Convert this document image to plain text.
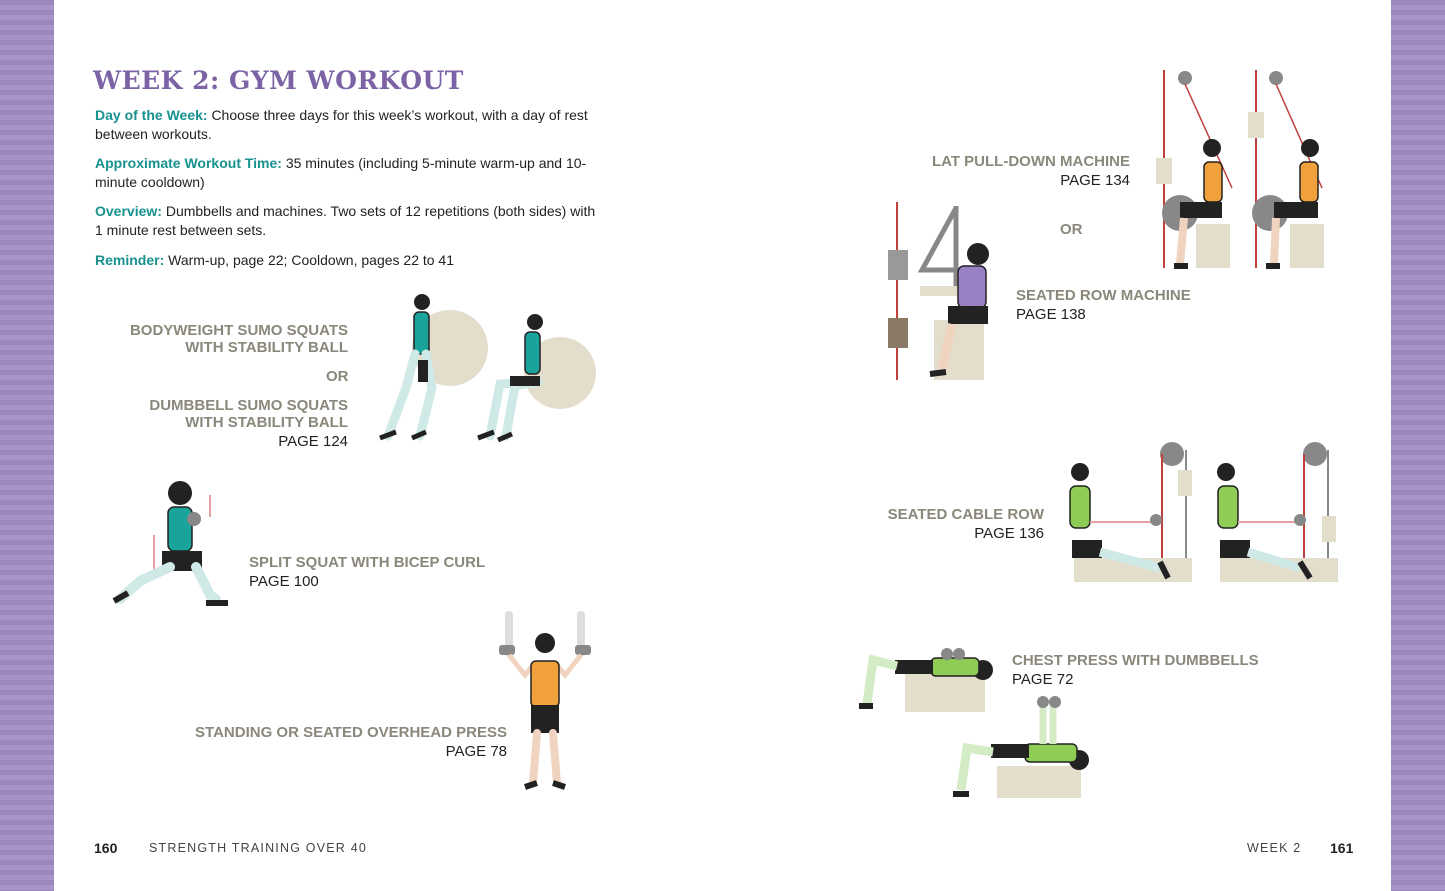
WEEK 2: GYM WORKOUT
Day of the Week: Choose three days for this week’s workout, with a day of rest between workouts.
Approximate Workout Time: 35 minutes (including 5-minute warm-up and 10-minute cooldown)
Overview: Dumbbells and machines. Two sets of 12 repetitions (both sides) with 1 minute rest between sets.
Reminder: Warm-up, page 22; Cooldown, pages 22 to 41
BODYWEIGHT SUMO SQUATS
WITH STABILITY BALL
OR
DUMBBELL SUMO SQUATS
WITH STABILITY BALL
PAGE 124
SPLIT SQUAT WITH BICEP CURL
PAGE 100
STANDING OR SEATED OVERHEAD PRESS
PAGE 78
LAT PULL-DOWN MACHINE
PAGE 134
OR
SEATED ROW MACHINE
PAGE 138
SEATED CABLE ROW
PAGE 136
CHEST PRESS WITH DUMBBELLS
PAGE 72
160	STRENGTH TRAINING OVER 40	WEEK 2 161
